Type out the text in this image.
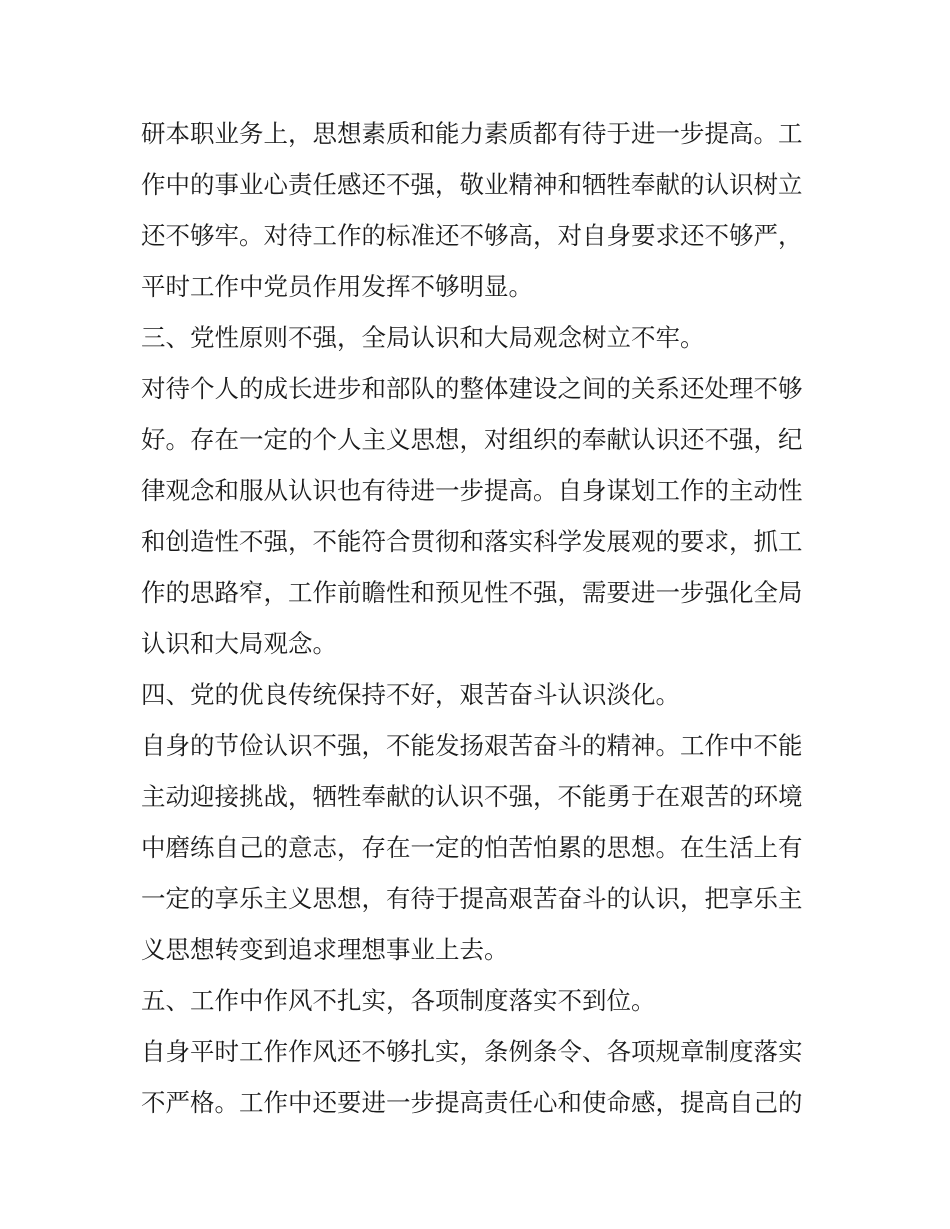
研本职业务上，思想素质和能力素质都有待于进一步提高。工
作中的事业心责任感还不强，敬业精神和牺牲奉献的认识树立
还不够牢。对待工作的标准还不够高，对自身要求还不够严，
平时工作中党员作用发挥不够明显。
三、党性原则不强，全局认识和大局观念树立不牢。
对待个人的成长进步和部队的整体建设之间的关系还处理不够
好。存在一定的个人主义思想，对组织的奉献认识还不强，纪
律观念和服从认识也有待进一步提高。自身谋划工作的主动性
和创造性不强，不能符合贯彻和落实科学发展观的要求，抓工
作的思路窄，工作前瞻性和预见性不强，需要进一步强化全局
认识和大局观念。
四、党的优良传统保持不好，艰苦奋斗认识淡化。
自身的节俭认识不强，不能发扬艰苦奋斗的精神。工作中不能
主动迎接挑战，牺牲奉献的认识不强，不能勇于在艰苦的环境
中磨练自己的意志，存在一定的怕苦怕累的思想。在生活上有
一定的享乐主义思想，有待于提高艰苦奋斗的认识，把享乐主
义思想转变到追求理想事业上去。
五、工作中作风不扎实，各项制度落实不到位。
自身平时工作作风还不够扎实，条例条令、各项规章制度落实
不严格。工作中还要进一步提高责任心和使命感，提高自己的
